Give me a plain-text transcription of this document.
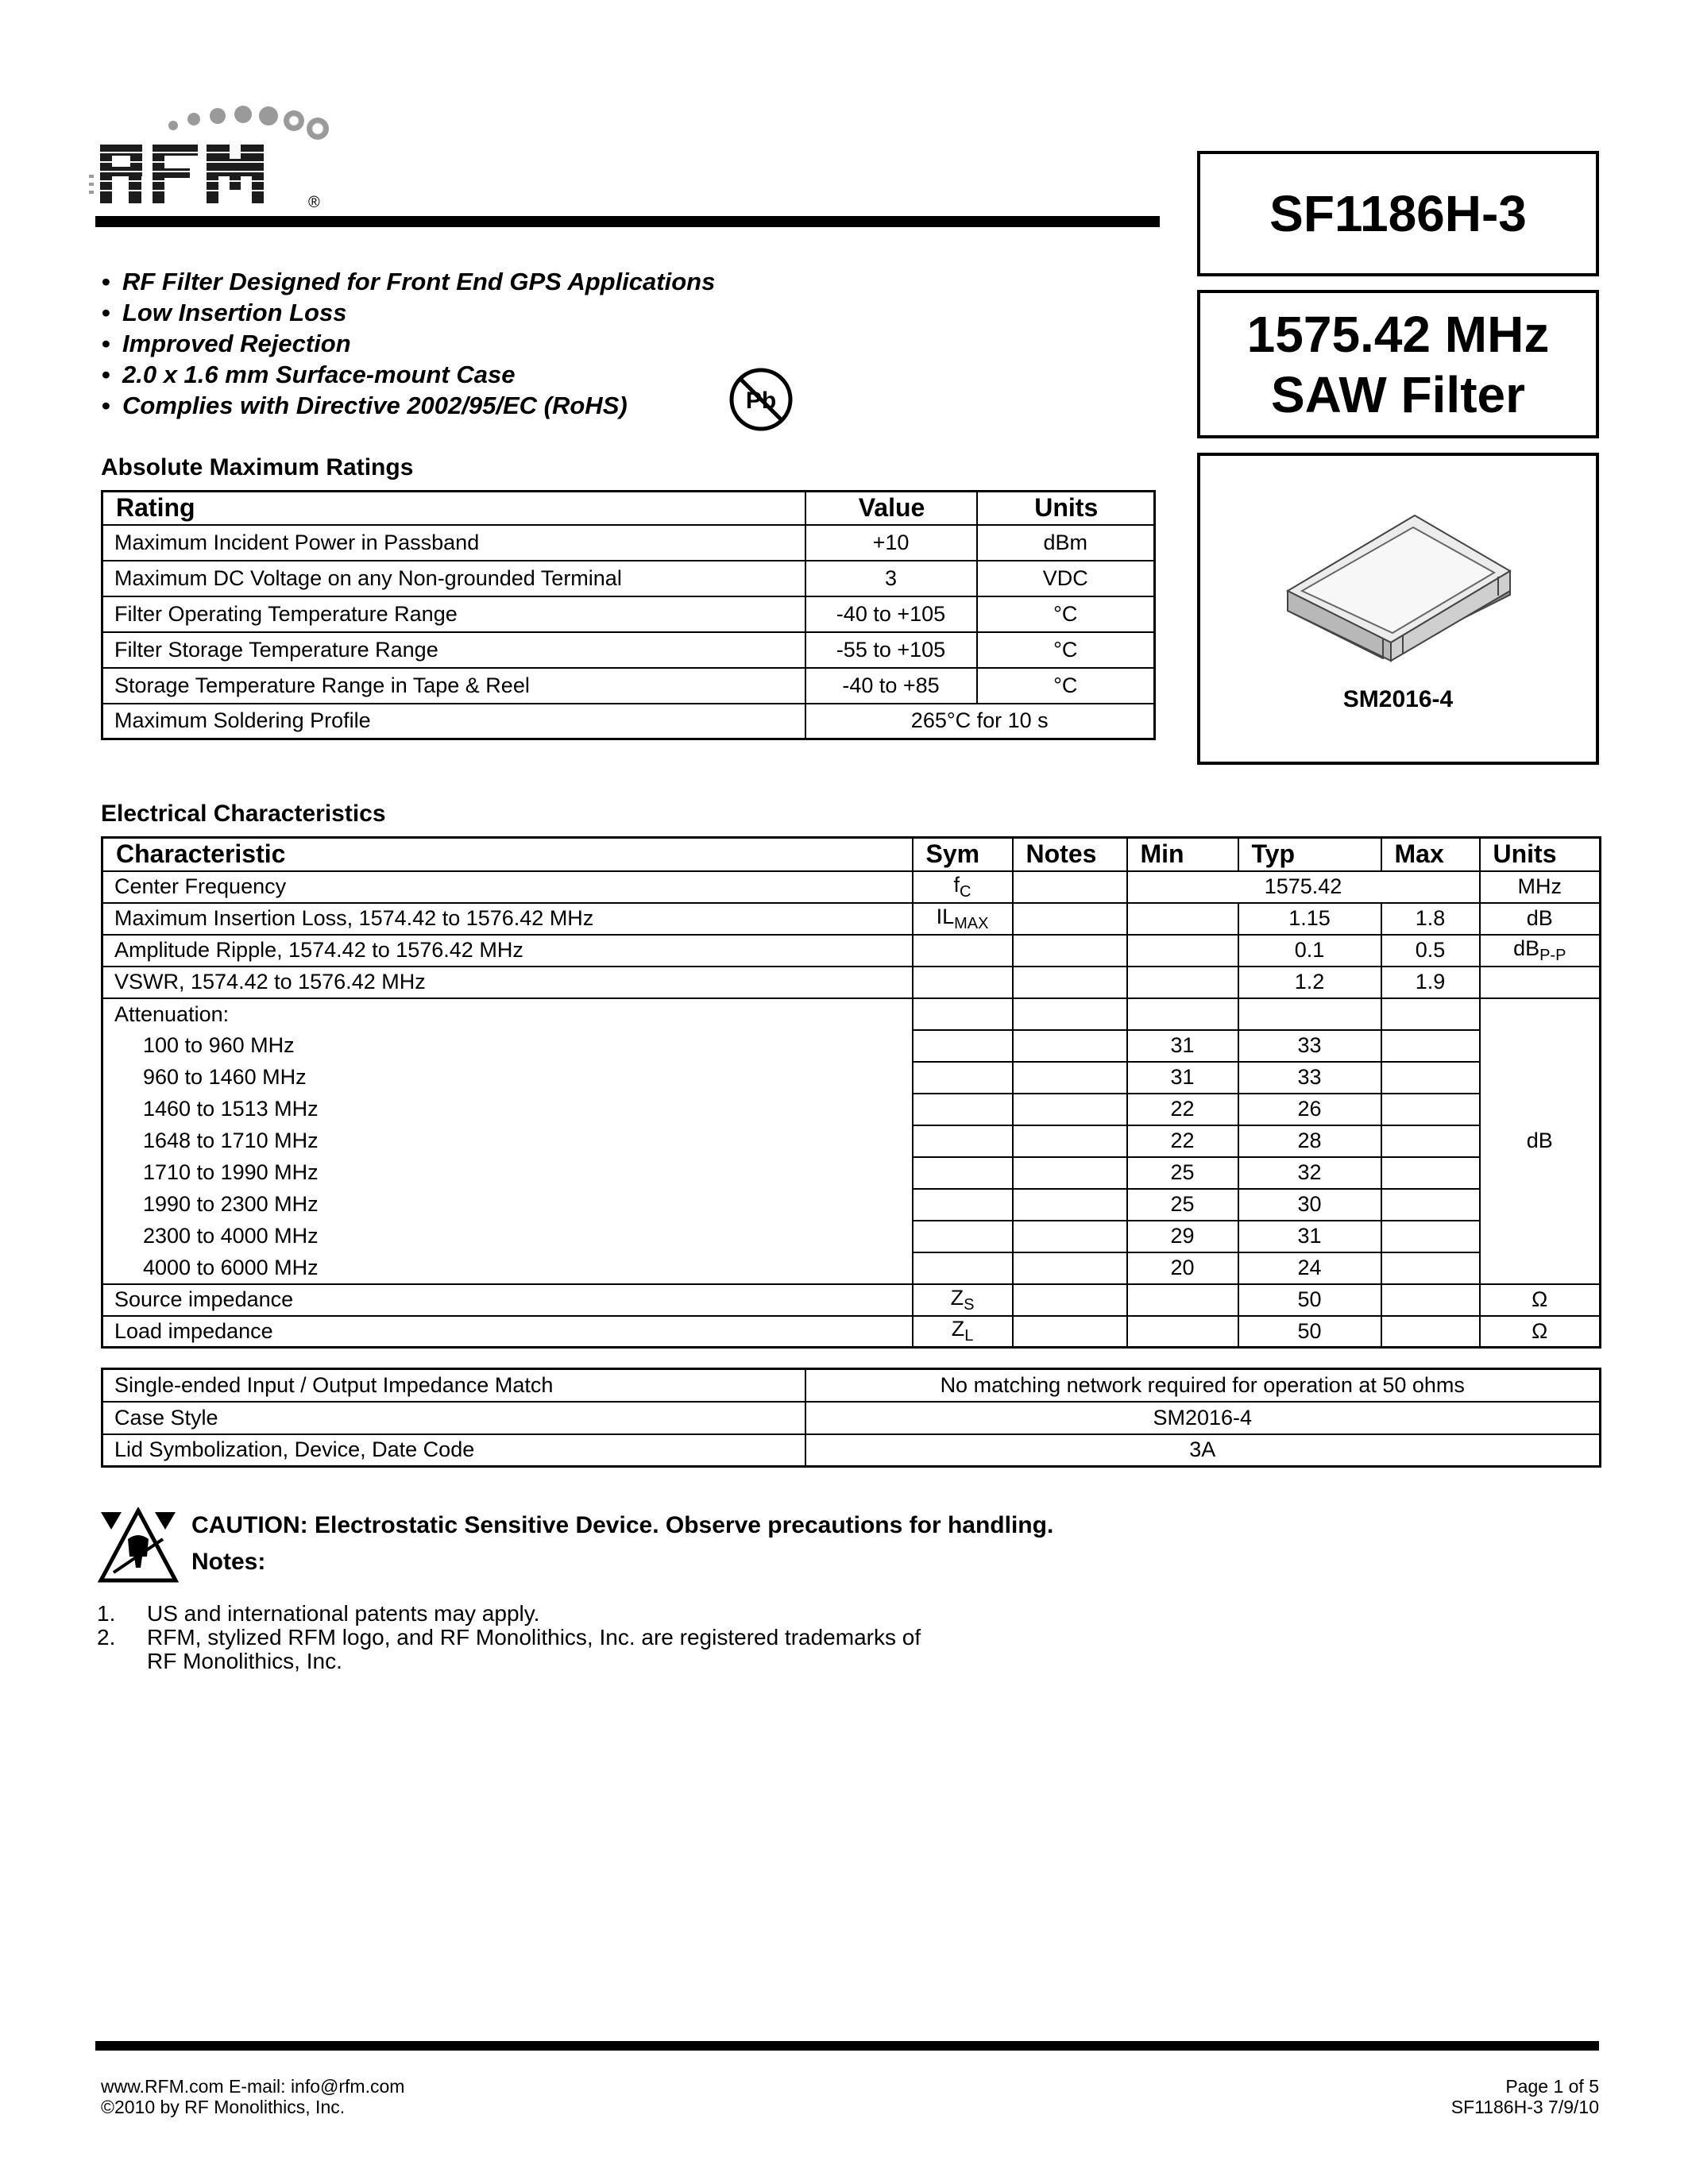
®	SF1186H-3
1575.42 MHz
SAW Filter
SM2016-4
• RF Filter Designed for Front End GPS Applications
• Low Insertion Loss
• Improved Rejection
• 2.0 x 1.6 mm Surface-mount Case
• Complies with Directive 2002/95/EC (RoHS)	Pb
Absolute Maximum Ratings
Rating	Value	Units
Maximum Incident Power in Passband	+10	dBm
Maximum DC Voltage on any Non-grounded Terminal	3	VDC
Filter Operating Temperature Range	-40 to +105	°C
Filter Storage Temperature Range	-55 to +105	°C
Storage Temperature Range in Tape & Reel	-40 to +85	°C
Maximum Soldering Profile	265°C for 10 s	
Electrical Characteristics
Characteristic	Sym	Notes	Min	Typ	Max	Units
Center Frequency	$f_C$		1575.42			MHz
Maximum Insertion Loss, 1574.42 to 1576.42 MHz	$IL_{MAX}$			1.15	1.8	dB
Amplitude Ripple, 1574.42 to 1576.42 MHz				0.1	0.5	$dB_{P-P}$
VSWR, 1574.42 to 1576.42 MHz				1.2	1.9	
Attenuation:						dB
100 to 960 MHz			31	33		
960 to 1460 MHz			31	33		
1460 to 1513 MHz			22	26		
1648 to 1710 MHz			22	28		
1710 to 1990 MHz			25	32		
1990 to 2300 MHz			25	30		
2300 to 4000 MHz			29	31		
4000 to 6000 MHz			20	24		
Source impedance	$Z_S$			50		Ω
Load impedance	$Z_L$			50		Ω
Single-ended Input / Output Impedance Match	No matching network required for operation at 50 ohms
Case Style	SM2016-4
Lid Symbolization, Device, Date Code	3A
CAUTION: Electrostatic Sensitive Device. Observe precautions for handling.
Notes:
1. US and international patents may apply.
2. RFM, stylized RFM logo, and RF Monolithics, Inc. are registered trademarks of RF Monolithics, Inc.
www.RFM.com E-mail: info@rfm.com
©2010 by RF Monolithics, Inc.
Page 1 of 5
SF1186H-3 7/9/10
